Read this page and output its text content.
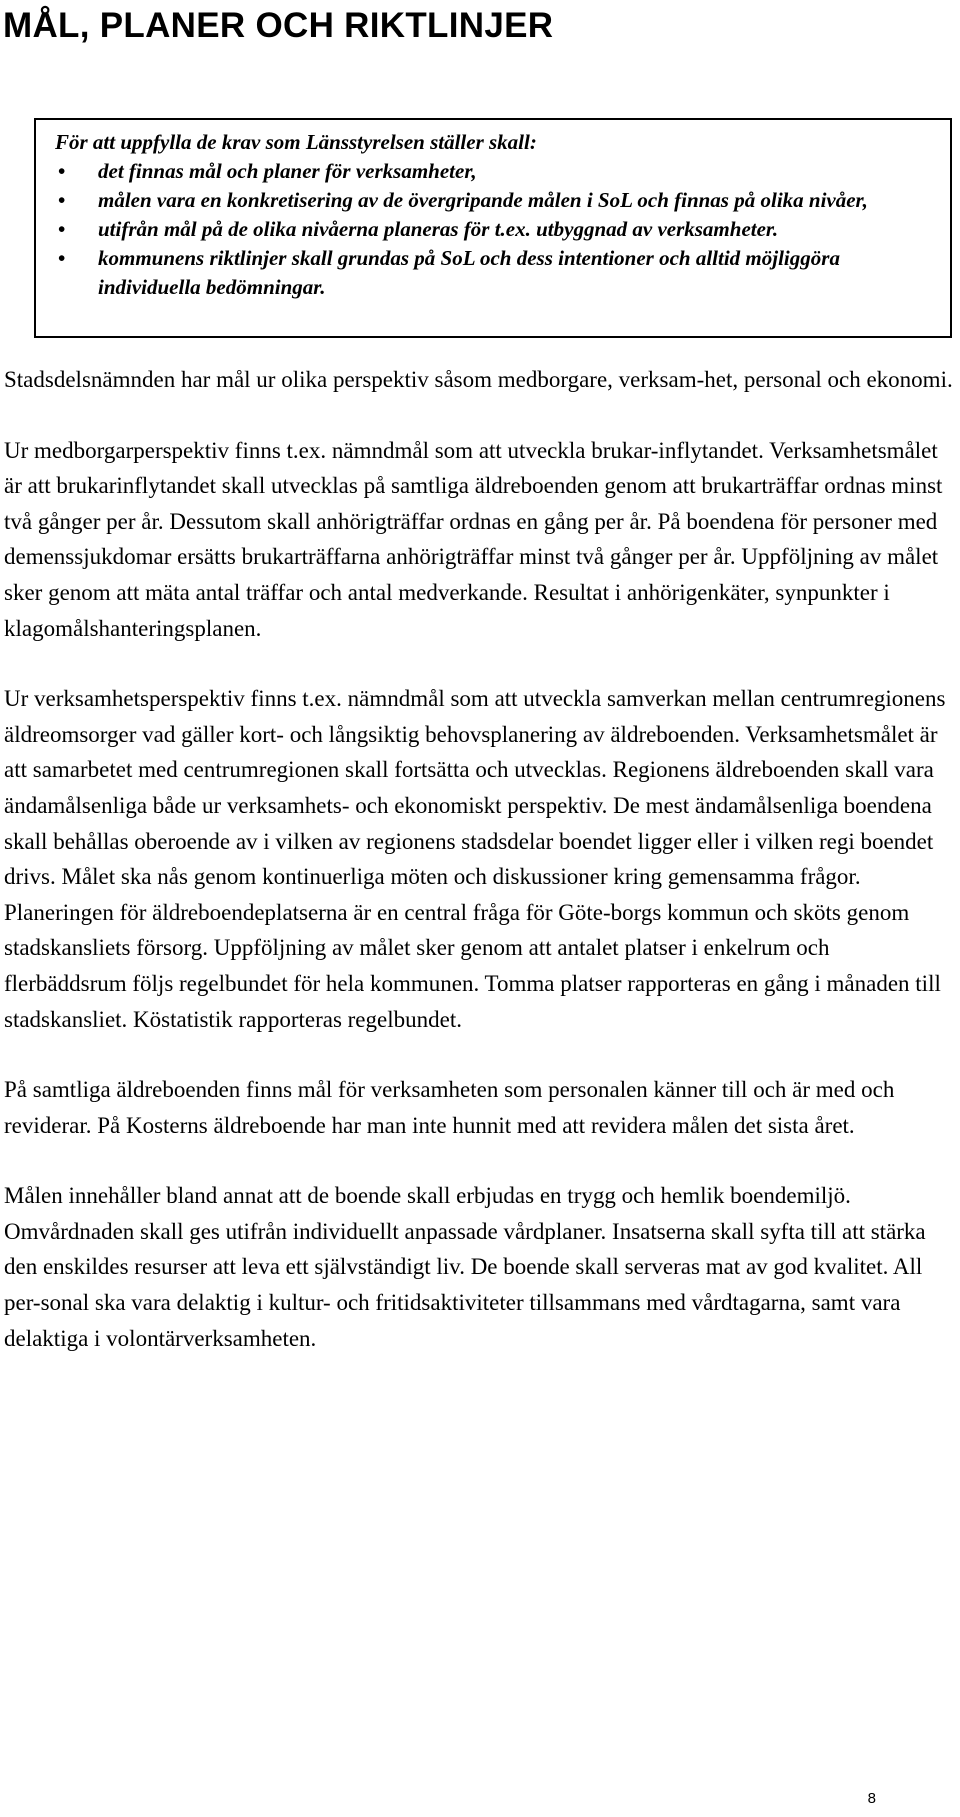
MÅL, PLANER OCH RIKTLINJER

För att uppfylla de krav som Länsstyrelsen ställer skall:

• det finnas mål och planer för verksamheter,
• målen vara en konkretisering av de övergripande målen i SoL och finnas på olika nivåer,
• utifrån mål på de olika nivåerna planeras för t.ex. utbyggnad av verksamheter.
• kommunens riktlinjer skall grundas på SoL och dess intentioner och alltid möjliggöra individuella bedömningar.

Stadsdelsnämnden har mål ur olika perspektiv såsom medborgare, verksam-het, personal och ekonomi.

Ur medborgarperspektiv finns t.ex. nämndmål som att utveckla brukar-inflytandet. Verksamhetsmålet är att brukarinflytandet skall utvecklas på samtliga äldreboenden genom att brukarträffar ordnas minst två gånger per år. Dessutom skall anhörigträffar ordnas en gång per år. På boendena för personer med demenssjukdomar ersätts brukarträffarna anhörigträffar minst två gånger per år. Uppföljning av målet sker genom att mäta antal träffar och antal medverkande. Resultat i anhörigenkäter, synpunkter i klagomålshanteringsplanen.

Ur verksamhetsperspektiv finns t.ex. nämndmål som att utveckla samverkan mellan centrumregionens äldreomsorger vad gäller kort- och långsiktig behovsplanering av äldreboenden. Verksamhetsmålet är att samarbetet med centrumregionen skall fortsätta och utvecklas. Regionens äldreboenden skall vara ändamålsenliga både ur verksamhets- och ekonomiskt perspektiv. De mest ändamålsenliga boendena skall behållas oberoende av i vilken av regionens stadsdelar boendet ligger eller i vilken regi boendet drivs. Målet ska nås genom kontinuerliga möten och diskussioner kring gemensamma frågor. Planeringen för äldreboendeplatserna är en central fråga för Göte-borgs kommun och sköts genom stadskansliets försorg. Uppföljning av målet sker genom att antalet platser i enkelrum och flerbäddsrum följs regelbundet för hela kommunen. Tomma platser rapporteras en gång i månaden till stadskansliet. Köstatistik rapporteras regelbundet.

På samtliga äldreboenden finns mål för verksamheten som personalen känner till och är med och reviderar. På Kosterns äldreboende har man inte hunnit med att revidera målen det sista året.

Målen innehåller bland annat att de boende skall erbjudas en trygg och hemlik boendemiljö. Omvårdnaden skall ges utifrån individuellt anpassade vårdplaner. Insatserna skall syfta till att stärka den enskildes resurser att leva ett självständigt liv. De boende skall serveras mat av god kvalitet. All per-sonal ska vara delaktig i kultur- och fritidsaktiviteter tillsammans med vårdtagarna, samt vara delaktiga i volontärverksamheten.

8
